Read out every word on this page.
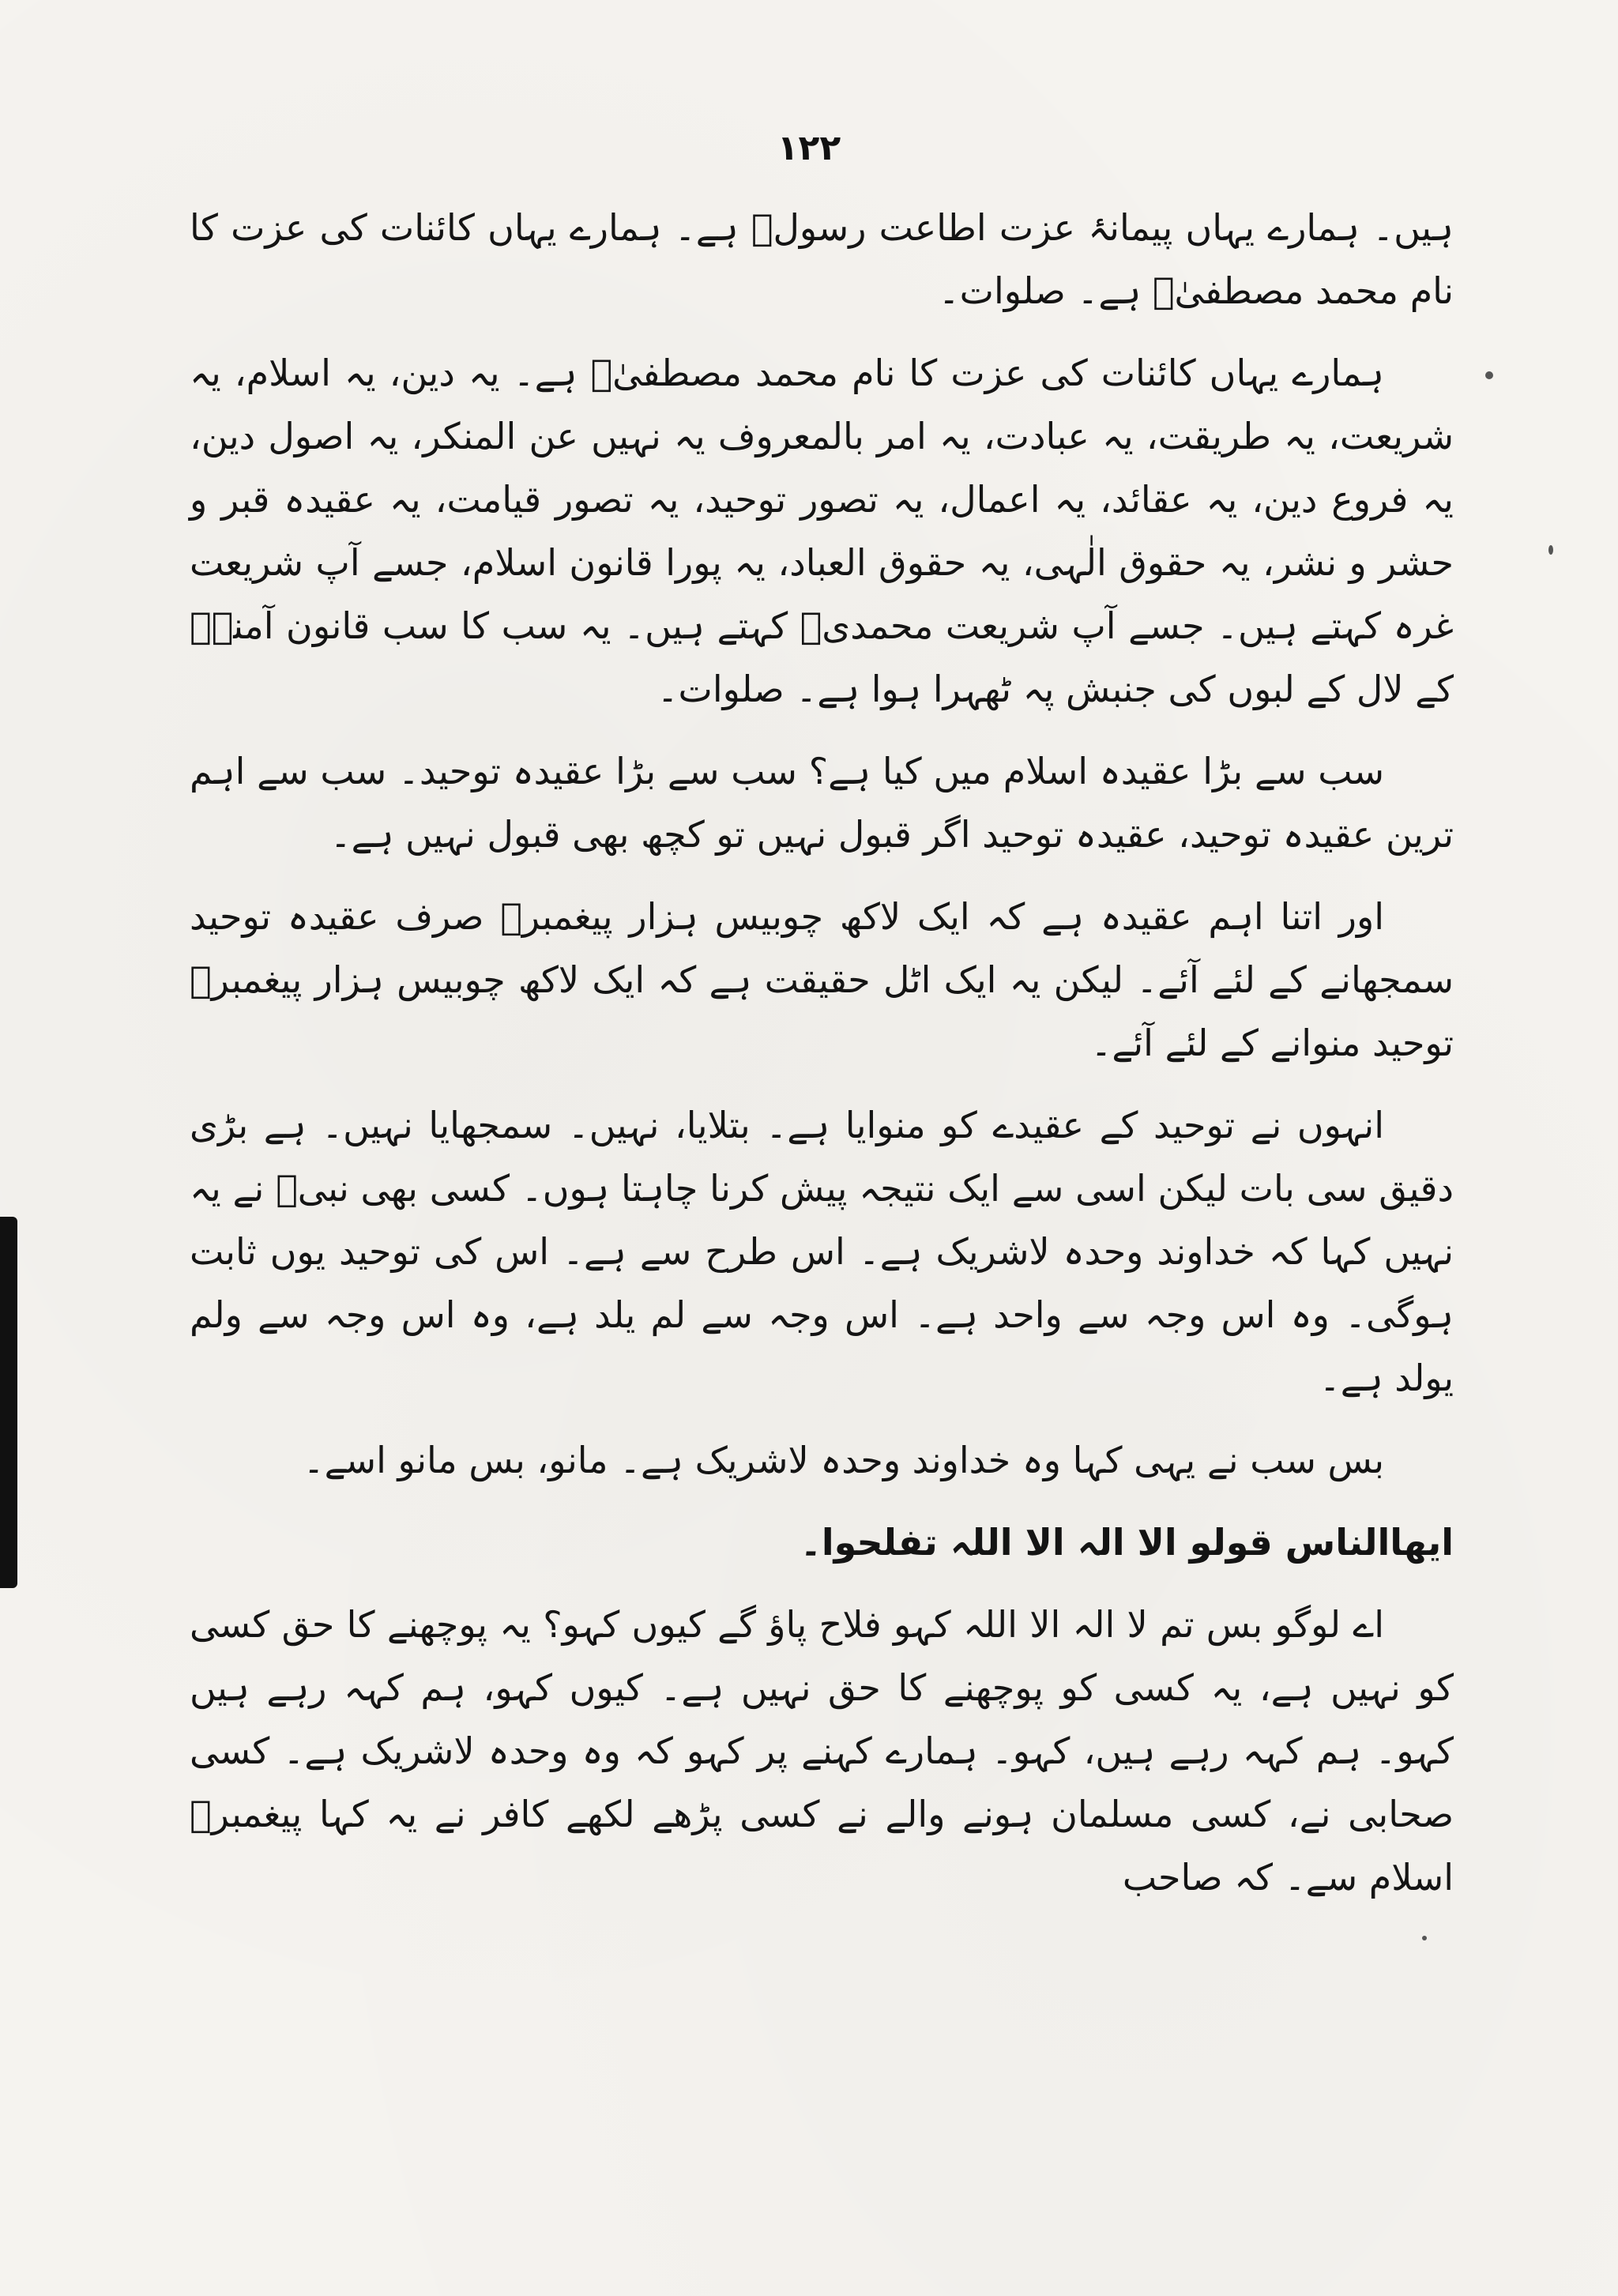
۱۲۲

ہیں۔ ہمارے یہاں پیمانۂ عزت اطاعت رسولؐ ہے۔ ہمارے یہاں کائنات کی عزت کا نام محمد مصطفیٰؐ ہے۔ صلوات۔

ہمارے یہاں کائنات کی عزت کا نام محمد مصطفیٰؐ ہے۔ یہ دین، یہ اسلام، یہ شریعت، یہ طریقت، یہ عبادت، یہ امر بالمعروف یہ نہیں عن المنکر، یہ اصول دین، یہ فروع دین، یہ عقائد، یہ اعمال، یہ تصور توحید، یہ تصور قیامت، یہ عقیدہ قبر و حشر و نشر، یہ حقوق الٰہی، یہ حقوق العباد، یہ پورا قانون اسلام، جسے آپ شریعت غرہ کہتے ہیں۔ جسے آپ شریعت محمدیؐ کہتے ہیں۔ یہ سب کا سب قانون آمنہؑ کے لال کے لبوں کی جنبش پہ ٹھہرا ہوا ہے۔ صلوات۔

سب سے بڑا عقیدہ اسلام میں کیا ہے؟ سب سے بڑا عقیدہ توحید۔ سب سے اہم ترین عقیدہ توحید، عقیدہ توحید اگر قبول نہیں تو کچھ بھی قبول نہیں ہے۔

اور اتنا اہم عقیدہ ہے کہ ایک لاکھ چوبیس ہزار پیغمبرؑ صرف عقیدہ توحید سمجھانے کے لئے آئے۔ لیکن یہ ایک اٹل حقیقت ہے کہ ایک لاکھ چوبیس ہزار پیغمبرؑ توحید منوانے کے لئے آئے۔

انہوں نے توحید کے عقیدے کو منوایا ہے۔ بتلایا، نہیں۔ سمجھایا نہیں۔ ہے بڑی دقیق سی بات لیکن اسی سے ایک نتیجہ پیش کرنا چاہتا ہوں۔ کسی بھی نبیؑ نے یہ نہیں کہا کہ خداوند وحدہ لاشریک ہے۔ اس طرح سے ہے۔ اس کی توحید یوں ثابت ہوگی۔ وہ اس وجہ سے واحد ہے۔ اس وجہ سے لم یلد ہے، وہ اس وجہ سے ولم یولد ہے۔

بس سب نے یہی کہا وہ خداوند وحدہ لاشریک ہے۔ مانو، بس مانو اسے۔

ایھاالناس قولو الا الہ الا اللہ تفلحوا۔

اے لوگو بس تم لا الہ الا اللہ کہو فلاح پاؤ گے کیوں کہو؟ یہ پوچھنے کا حق کسی کو نہیں ہے، یہ کسی کو پوچھنے کا حق نہیں ہے۔ کیوں کہو، ہم کہہ رہے ہیں کہو۔ ہم کہہ رہے ہیں، کہو۔ ہمارے کہنے پر کہو کہ وہ وحدہ لاشریک ہے۔ کسی صحابی نے، کسی مسلمان ہونے والے نے کسی پڑھے لکھے کافر نے یہ کہا پیغمبرؑ اسلام سے۔ کہ صاحب
